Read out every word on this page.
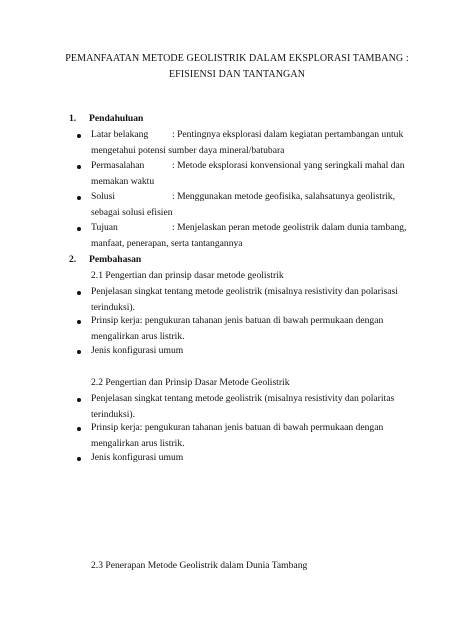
PEMANFAATAN METODE GEOLISTRIK DALAM EKSPLORASI TAMBANG :
EFISIENSI DAN TANTANGAN
1. Pendahuluan
Latar belakang : Pentingnya eksplorasi dalam kegiatan pertambangan untuk
mengetahui potensi sumber daya mineral/batubara
Permasalahan	: Metode eksplorasi konvensional yang seringkali mahal dan
memakan waktu
Solusi	: Menggunakan metode geofisika, salahsatunya geolistrik,
sebagai solusi efisien
Tujuan	: Menjelaskan peran metode geolistrik dalam dunia tambang,
manfaat, penerapan, serta tantangannya
2. Pembahasan
2.1 Pengertian dan prinsip dasar metode geolistrik
Penjelasan singkat tentang metode geolistrik (misalnya resistivity dan polarisasi
terinduksi).
Prinsip kerja: pengukuran tahanan jenis batuan di bawah permukaan dengan
mengalirkan arus listrik.
Jenis konfigurasi umum
2.2 Pengertian dan Prinsip Dasar Metode Geolistrik
Penjelasan singkat tentang metode geolistrik (misalnya resistivity dan polaritas
terinduksi).
Prinsip kerja: pengukuran tahanan jenis batuan di bawah permukaan dengan
mengalirkan arus listrik.
Jenis konfigurasi umum
2.3 Penerapan Metode Geolistrik dalam Dunia Tambang
